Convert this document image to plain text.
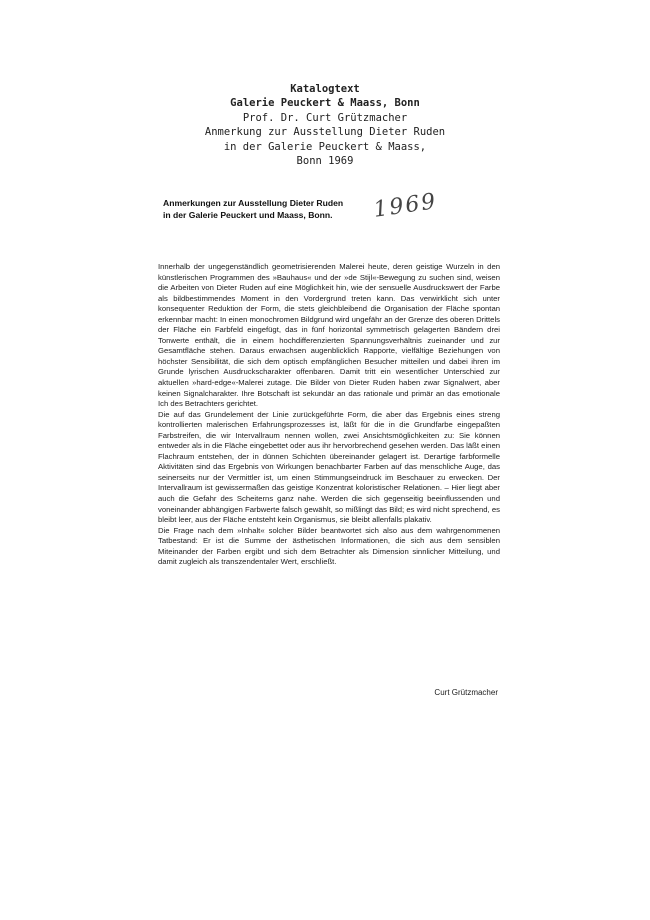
Katalogtext
Galerie Peuckert & Maass, Bonn
Prof. Dr. Curt Grützmacher
Anmerkung zur Ausstellung Dieter Ruden
in der Galerie Peuckert & Maass,
Bonn 1969
Anmerkungen zur Ausstellung Dieter Ruden
in der Galerie Peuckert und Maass, Bonn.	1969

Innerhalb der ungegenständlich geometrisierenden Malerei heute, deren geistige Wurzeln in den künstlerischen Programmen des »Bauhaus« und der »de Stijl«-Bewegung zu suchen sind, weisen die Arbeiten von Dieter Ruden auf eine Möglichkeit hin, wie der sensuelle Ausdruckswert der Farbe als bildbestimmendes Moment in den Vordergrund treten kann. Das verwirklicht sich unter konsequenter Reduktion der Form, die stets gleichbleibend die Organisation der Fläche spontan erkennbar macht: In einen monochromen Bildgrund wird ungefähr an der Grenze des oberen Drittels der Fläche ein Farbfeld eingefügt, das in fünf horizontal symmetrisch gelagerten Bändern drei Tonwerte enthält, die in einem hochdifferenzierten Spannungsverhältnis zueinander und zur Gesamtfläche stehen. Daraus erwachsen augenblicklich Rapporte, vielfältige Beziehungen von höchster Sensibilität, die sich dem optisch empfänglichen Besucher mitteilen und dabei ihren im Grunde lyrischen Ausdruckscharakter offenbaren. Damit tritt ein wesentlicher Unterschied zur aktuellen »hard-edge«-Malerei zutage. Die Bilder von Dieter Ruden haben zwar Signalwert, aber keinen Signalcharakter. Ihre Botschaft ist sekundär an das rationale und primär an das emotionale Ich des Betrachters gerichtet.

Die auf das Grundelement der Linie zurückgeführte Form, die aber das Ergebnis eines streng kontrollierten malerischen Erfahrungsprozesses ist, läßt für die in die Grundfarbe eingepaßten Farbstreifen, die wir Intervallraum nennen wollen, zwei Ansichtsmöglichkeiten zu: Sie können entweder als in die Fläche eingebettet oder aus ihr hervorbrechend gesehen werden. Das läßt einen Flachraum entstehen, der in dünnen Schichten übereinander gelagert ist. Derartige farbformelle Aktivitäten sind das Ergebnis von Wirkungen benachbarter Farben auf das menschliche Auge, das seinerseits nur der Vermittler ist, um einen Stimmungseindruck im Beschauer zu erwecken. Der Intervallraum ist gewissermaßen das geistige Konzentrat koloristischer Relationen. – Hier liegt aber auch die Gefahr des Scheiterns ganz nahe. Werden die sich gegenseitig beeinflussenden und voneinander abhängigen Farbwerte falsch gewählt, so mißlingt das Bild; es wird nicht sprechend, es bleibt leer, aus der Fläche entsteht kein Organismus, sie bleibt allenfalls plakativ.

Die Frage nach dem »Inhalt« solcher Bilder beantwortet sich also aus dem wahrgenommenen Tatbestand: Er ist die Summe der ästhetischen Informationen, die sich aus dem sensiblen Miteinander der Farben ergibt und sich dem Betrachter als Dimension sinnlicher Mitteilung, und damit zugleich als transzendentaler Wert, erschließt.

Curt Grützmacher
